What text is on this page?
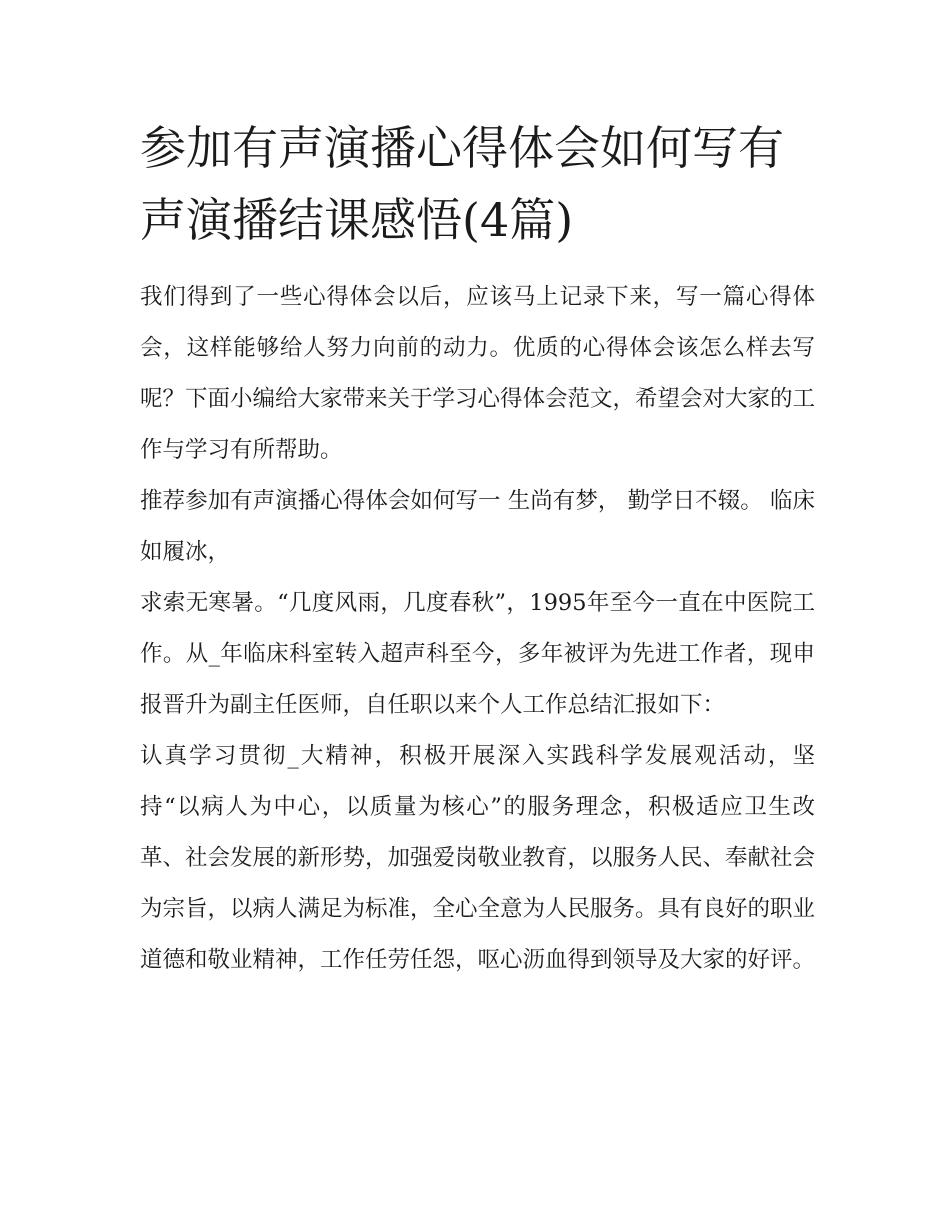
参加有声演播心得体会如何写有声演播结课感悟(4篇)

我们得到了一些心得体会以后，应该马上记录下来，写一篇心得体会，这样能够给人努力向前的动力。优质的心得体会该怎么样去写呢？下面小编给大家带来关于学习心得体会范文，希望会对大家的工作与学习有所帮助。

推荐参加有声演播心得体会如何写一 生尚有梦， 勤学日不辍。 临床如履冰，

求索无寒暑。“几度风雨，几度春秋”，1995年至今一直在中医院工作。从_年临床科室转入超声科至今，多年被评为先进工作者，现申报晋升为副主任医师，自任职以来个人工作总结汇报如下：

认真学习贯彻_大精神，积极开展深入实践科学发展观活动，坚持“以病人为中心，以质量为核心”的服务理念，积极适应卫生改革、社会发展的新形势，加强爱岗敬业教育，以服务人民、奉献社会为宗旨，以病人满足为标准，全心全意为人民服务。具有良好的职业道德和敬业精神，工作任劳任怨，呕心沥血得到领导及大家的好评。
